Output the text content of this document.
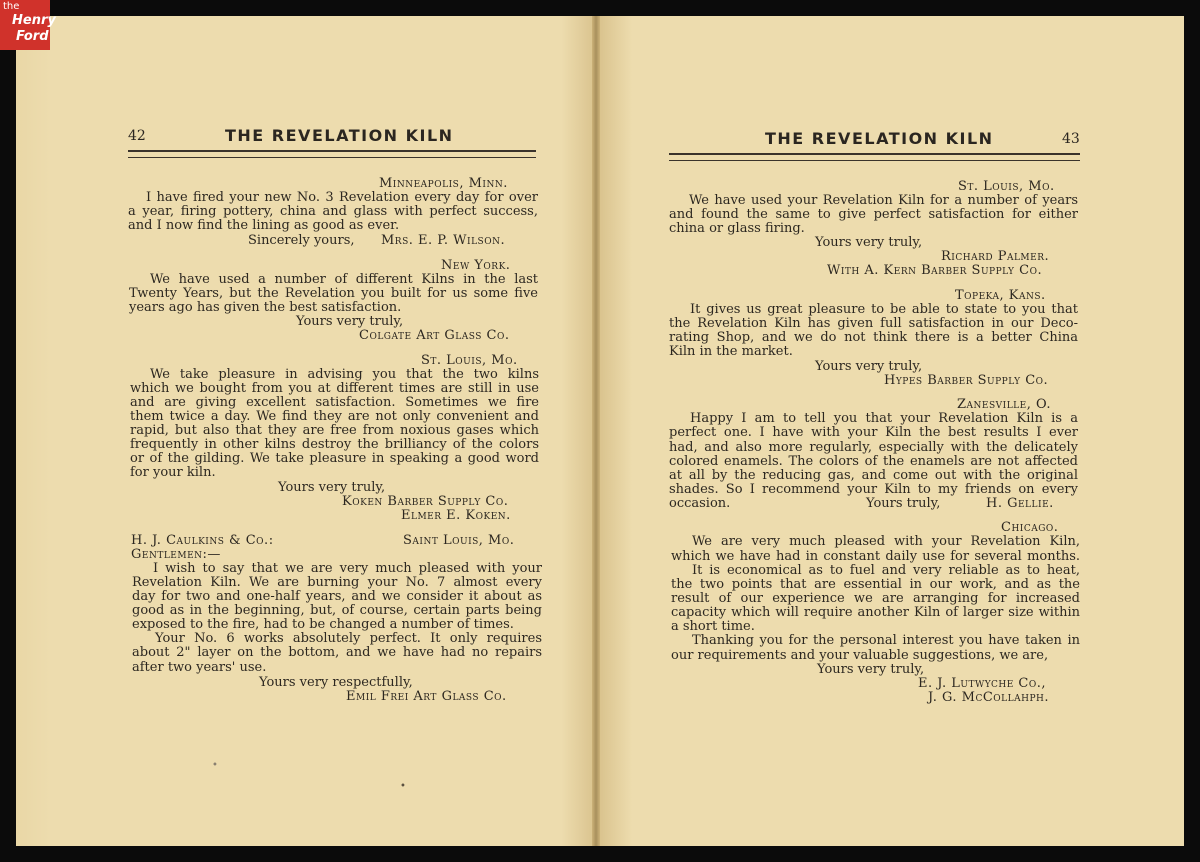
the
Henry
Ford
42	THE REVELATION KILN
Minneapolis, Minn.
I have fired your new No. 3 Revelation every day for over
a year, firing pottery, china and glass with perfect success,
and I now find the lining as good as ever.
Sincerely yours, Mrs. E. P. Wilson.
New York.
We have used a number of different Kilns in the last
Twenty Years, but the Revelation you built for us some five
years ago has given the best satisfaction.
Yours very truly,
Colgate Art Glass Co.
St. Louis, Mo.
We take pleasure in advising you that the two kilns
which we bought from you at different times are still in use
and are giving excellent satisfaction. Sometimes we fire
them twice a day. We find they are not only convenient and
rapid, but also that they are free from noxious gases which
frequently in other kilns destroy the brilliancy of the colors
or of the gilding. We take pleasure in speaking a good word
for your kiln.
Yours very truly,
Koken Barber Supply Co.
Elmer E. Koken.
H. J. Caulkins & Co.:	Saint Louis, Mo.
Gentlemen:—
I wish to say that we are very much pleased with your
Revelation Kiln. We are burning your No. 7 almost every
day for two and one-half years, and we consider it about as
good as in the beginning, but, of course, certain parts being
exposed to the fire, had to be changed a number of times.
Your No. 6 works absolutely perfect. It only requires
about 2" layer on the bottom, and we have had no repairs
after two years' use.
Yours very respectfully,
Emil Frei Art Glass Co.
•
•
THE REVELATION KILN	43
St. Louis, Mo.
We have used your Revelation Kiln for a number of years
and found the same to give perfect satisfaction for either
china or glass firing.
Yours very truly,
Richard Palmer.
With A. Kern Barber Supply Co.
Topeka, Kans.
It gives us great pleasure to be able to state to you that
the Revelation Kiln has given full satisfaction in our Deco-
rating Shop, and we do not think there is a better China
Kiln in the market.
Yours very truly,
Hypes Barber Supply Co.
Zanesville, O.
Happy I am to tell you that your Revelation Kiln is a
perfect one. I have with your Kiln the best results I ever
had, and also more regularly, especially with the delicately
colored enamels. The colors of the enamels are not affected
at all by the reducing gas, and come out with the original
shades. So I recommend your Kiln to my friends on every
occasion.	Yours truly,	H. Gellie.
Chicago.
We are very much pleased with your Revelation Kiln,
which we have had in constant daily use for several months.
It is economical as to fuel and very reliable as to heat,
the two points that are essential in our work, and as the
result of our experience we are arranging for increased
capacity which will require another Kiln of larger size within
a short time.
Thanking you for the personal interest you have taken in
our requirements and your valuable suggestions, we are,
Yours very truly,
E. J. Lutwyche Co.,
J. G. McCollahph.
